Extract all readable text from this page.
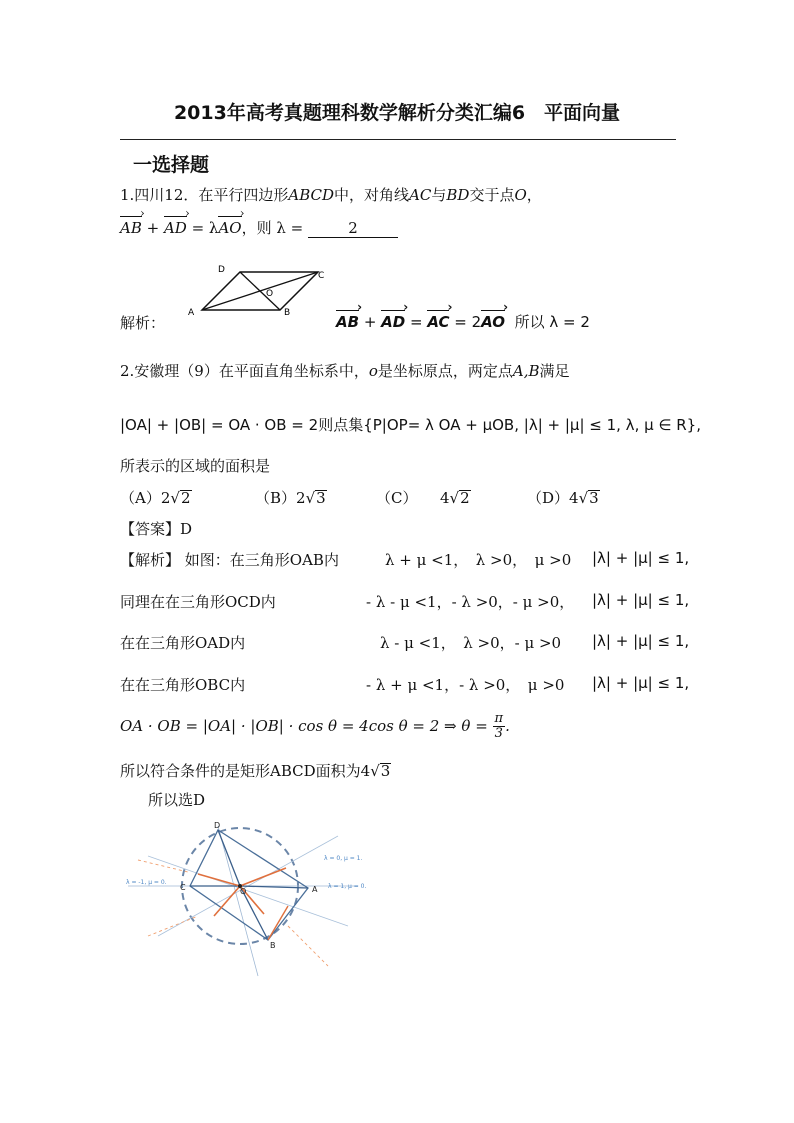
2013年高考真题理科数学解析分类汇编6　平面向量
一选择题
1.四川12．在平行四边形ABCD中，对角线AC与BD交于点O，
AB › + AD › = λAO ›，则 λ =	2
A	B
C
D
O
解析：	AB › + AD › = AC › = 2AO › 所以 λ = 2
2.安徽理（9）在平面直角坐标系中，o是坐标原点，两定点A,B满足
|OA| + |OB| = OA · OB = 2则点集{P|OP= λ OA + μOB, |λ| + |μ| ≤ 1, λ, μ ∈ R},
所表示的区域的面积是
（A）2√2	（B）2√3	（C）　　4√2	（D）4√3
【答案】D
【解析】 如图：在三角形OAB内	λ + μ <1，　λ >0，　μ >0 |λ| + |μ| ≤ 1,
同理在在三角形OCD内	- λ - μ <1，- λ >0，- μ >0， |λ| + |μ| ≤ 1,
在在三角形OAD内	λ - μ <1，　λ >0，- μ >0 |λ| + |μ| ≤ 1,
在在三角形OBC内	- λ + μ <1，- λ >0，　μ >0 |λ| + |μ| ≤ 1,
OA · OB = |OA| · |OB| · cos θ = 4cos θ = 2 ⇒ $\theta = \frac{\pi}{3}$ .
所以符合条件的是矩形ABCD面积为4√3
所以选D
O	A
B
C
D
λ = -1, μ = 0.
λ = 1, μ = 0.
λ = 0, μ = 1.
